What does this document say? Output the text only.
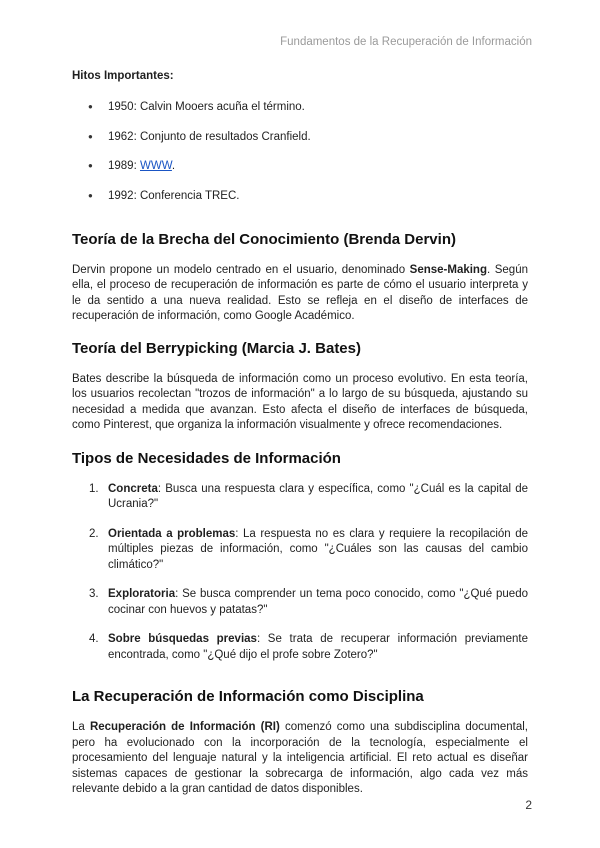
Fundamentos de la Recuperación de Información

Hitos Importantes:

● 1950: Calvin Mooers acuña el término.
● 1962: Conjunto de resultados Cranfield.
● 1989: WWW.
● 1992: Conferencia TREC.
Teoría de la Brecha del Conocimiento (Brenda Dervin)

Dervin propone un modelo centrado en el usuario, denominado Sense-Making. Según ella, el proceso de recuperación de información es parte de cómo el usuario interpreta y le da sentido a una nueva realidad. Esto se refleja en el diseño de interfaces de recuperación de información, como Google Académico.

Teoría del Berrypicking (Marcia J. Bates)

Bates describe la búsqueda de información como un proceso evolutivo. En esta teoría, los usuarios recolectan "trozos de información" a lo largo de su búsqueda, ajustando su necesidad a medida que avanzan. Esto afecta el diseño de interfaces de búsqueda, como Pinterest, que organiza la información visualmente y ofrece recomendaciones.

Tipos de Necesidades de Información
1. Concreta: Busca una respuesta clara y específica, como "¿Cuál es la capital de Ucrania?"
2. Orientada a problemas: La respuesta no es clara y requiere la recopilación de múltiples piezas de información, como "¿Cuáles son las causas del cambio climático?"
3. Exploratoria: Se busca comprender un tema poco conocido, como "¿Qué puedo cocinar con huevos y patatas?"
4. Sobre búsquedas previas: Se trata de recuperar información previamente encontrada, como "¿Qué dijo el profe sobre Zotero?"
La Recuperación de Información como Disciplina

La Recuperación de Información (RI) comenzó como una subdisciplina documental, pero ha evolucionado con la incorporación de la tecnología, especialmente el procesamiento del lenguaje natural y la inteligencia artificial. El reto actual es diseñar sistemas capaces de gestionar la sobrecarga de información, algo cada vez más relevante debido a la gran cantidad de datos disponibles.

2
